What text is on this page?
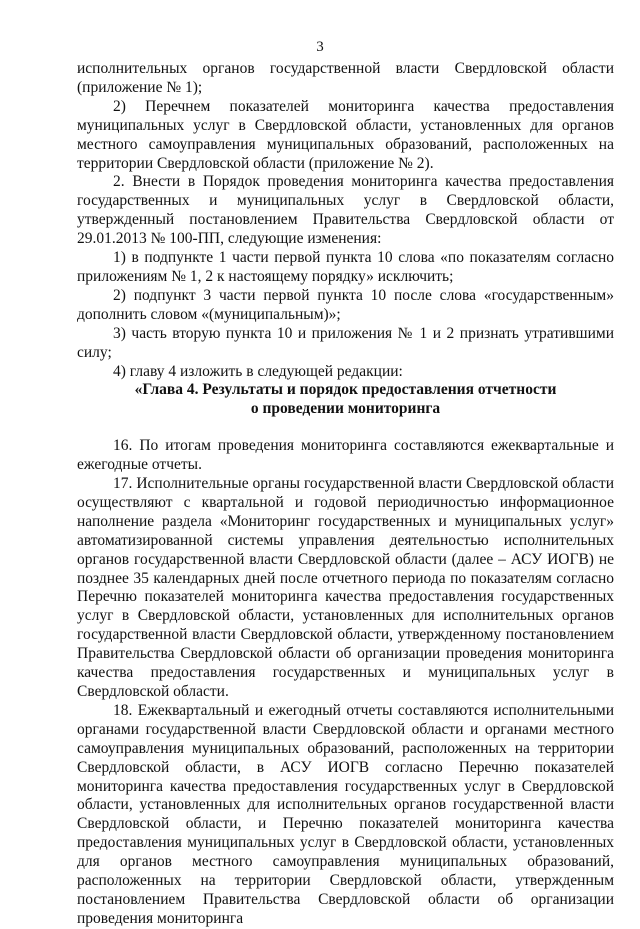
3

исполнительных органов государственной власти Свердловской области (приложение № 1);

2) Перечнем показателей мониторинга качества предоставления муниципальных услуг в Свердловской области, установленных для органов местного самоуправления муниципальных образований, расположенных на территории Свердловской области (приложение № 2).

2. Внести в Порядок проведения мониторинга качества предоставления государственных и муниципальных услуг в Свердловской области, утвержденный постановлением Правительства Свердловской области от 29.01.2013 № 100-ПП, следующие изменения:

1) в подпункте 1 части первой пункта 10 слова «по показателям согласно приложениям № 1, 2 к настоящему порядку» исключить;

2) подпункт 3 части первой пункта 10 после слова «государственным» дополнить словом «(муниципальным)»;

3) часть вторую пункта 10 и приложения № 1 и 2 признать утратившими силу;

4) главу 4 изложить в следующей редакции:

«Глава 4. Результаты и порядок предоставления отчетности
о проведении мониторинга

16. По итогам проведения мониторинга составляются ежеквартальные и ежегодные отчеты.

17. Исполнительные органы государственной власти Свердловской области осуществляют с квартальной и годовой периодичностью информационное наполнение раздела «Мониторинг государственных и муниципальных услуг» автоматизированной системы управления деятельностью исполнительных органов государственной власти Свердловской области (далее – АСУ ИОГВ) не позднее 35 календарных дней после отчетного периода по показателям согласно Перечню показателей мониторинга качества предоставления государственных услуг в Свердловской области, установленных для исполнительных органов государственной власти Свердловской области, утвержденному постановлением Правительства Свердловской области об организации проведения мониторинга качества предоставления государственных и муниципальных услуг в Свердловской области.

18. Ежеквартальный и ежегодный отчеты составляются исполнительными органами государственной власти Свердловской области и органами местного самоуправления муниципальных образований, расположенных на территории Свердловской области, в АСУ ИОГВ согласно Перечню показателей мониторинга качества предоставления государственных услуг в Свердловской области, установленных для исполнительных органов государственной власти Свердловской области, и Перечню показателей мониторинга качества предоставления муниципальных услуг в Свердловской области, установленных для органов местного самоуправления муниципальных образований, расположенных на территории Свердловской области, утвержденным постановлением Правительства Свердловской области об организации проведения мониторинга
